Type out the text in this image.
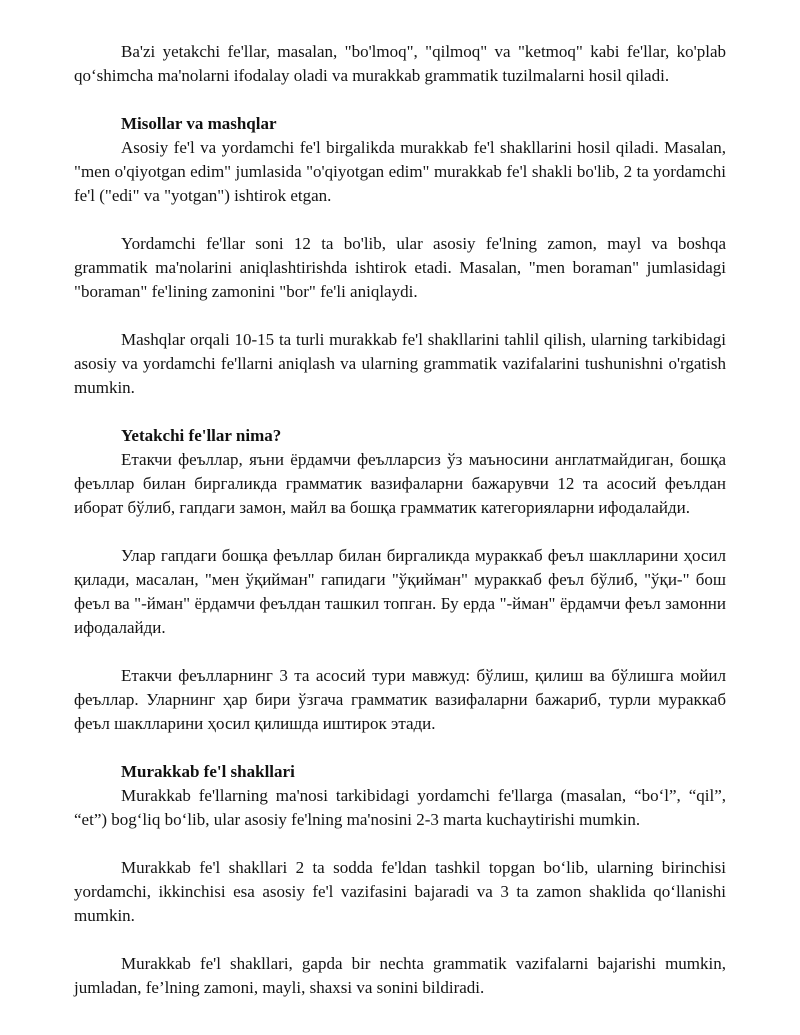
Ba'zi yetakchi fe'llar, masalan, "bo'lmoq", "qilmoq" va "ketmoq" kabi fe'llar, ko'plab qo‘shimcha ma'nolarni ifodalay oladi va murakkab grammatik tuzilmalarni hosil qiladi.

Misollar va mashqlar

Asosiy fe'l va yordamchi fe'l birgalikda murakkab fe'l shakllarini hosil qiladi. Masalan, "men o'qiyotgan edim" jumlasida "o'qiyotgan edim" murakkab fe'l shakli bo'lib, 2 ta yordamchi fe'l ("edi" va "yotgan") ishtirok etgan.

Yordamchi fe'llar soni 12 ta bo'lib, ular asosiy fe'lning zamon, mayl va boshqa grammatik ma'nolarini aniqlashtirishda ishtirok etadi. Masalan, "men boraman" jumlasidagi "boraman" fe'lining zamonini "bor" fe'li aniqlaydi.

Mashqlar orqali 10-15 ta turli murakkab fe'l shakllarini tahlil qilish, ularning tarkibidagi asosiy va yordamchi fe'llarni aniqlash va ularning grammatik vazifalarini tushunishni o'rgatish mumkin.

Yetakchi fe'llar nima?

Етакчи феъллар, яъни ёрдамчи феълларсиз ўз маъносини англатмайдиган, бошқа феъллар билан биргаликда грамматик вазифаларни бажарувчи 12 та асосий феълдан иборат бўлиб, гапдаги замон, майл ва бошқа грамматик категорияларни ифодалайди.

Улар гапдаги бошқа феъллар билан биргаликда мураккаб феъл шаклларини ҳосил қилади, масалан, "мен ўқийман" гапидаги "ўқийман" мураккаб феъл бўлиб, "ўқи-" бош феъл ва "-йман" ёрдамчи феълдан ташкил топган. Бу ерда "-йман" ёрдамчи феъл замонни ифодалайди.

Етакчи феълларнинг 3 та асосий тури мавжуд: бўлиш, қилиш ва бўлишга мойил феъллар. Уларнинг ҳар бири ўзгача грамматик вазифаларни бажариб, турли мураккаб феъл шаклларини ҳосил қилишда иштирок этади.

Murakkab fe'l shakllari

Murakkab fe'llarning ma'nosi tarkibidagi yordamchi fe'llarga (masalan, “bo‘l”, “qil”, “et”) bog‘liq bo‘lib, ular asosiy fe'lning ma'nosini 2-3 marta kuchaytirishi mumkin.

Murakkab fe'l shakllari 2 ta sodda fe'ldan tashkil topgan bo‘lib, ularning birinchisi yordamchi, ikkinchisi esa asosiy fe'l vazifasini bajaradi va 3 ta zamon shaklida qo‘llanishi mumkin.

Murakkab fe'l shakllari, gapda bir nechta grammatik vazifalarni bajarishi mumkin, jumladan, fe’lning zamoni, mayli, shaxsi va sonini bildiradi.
